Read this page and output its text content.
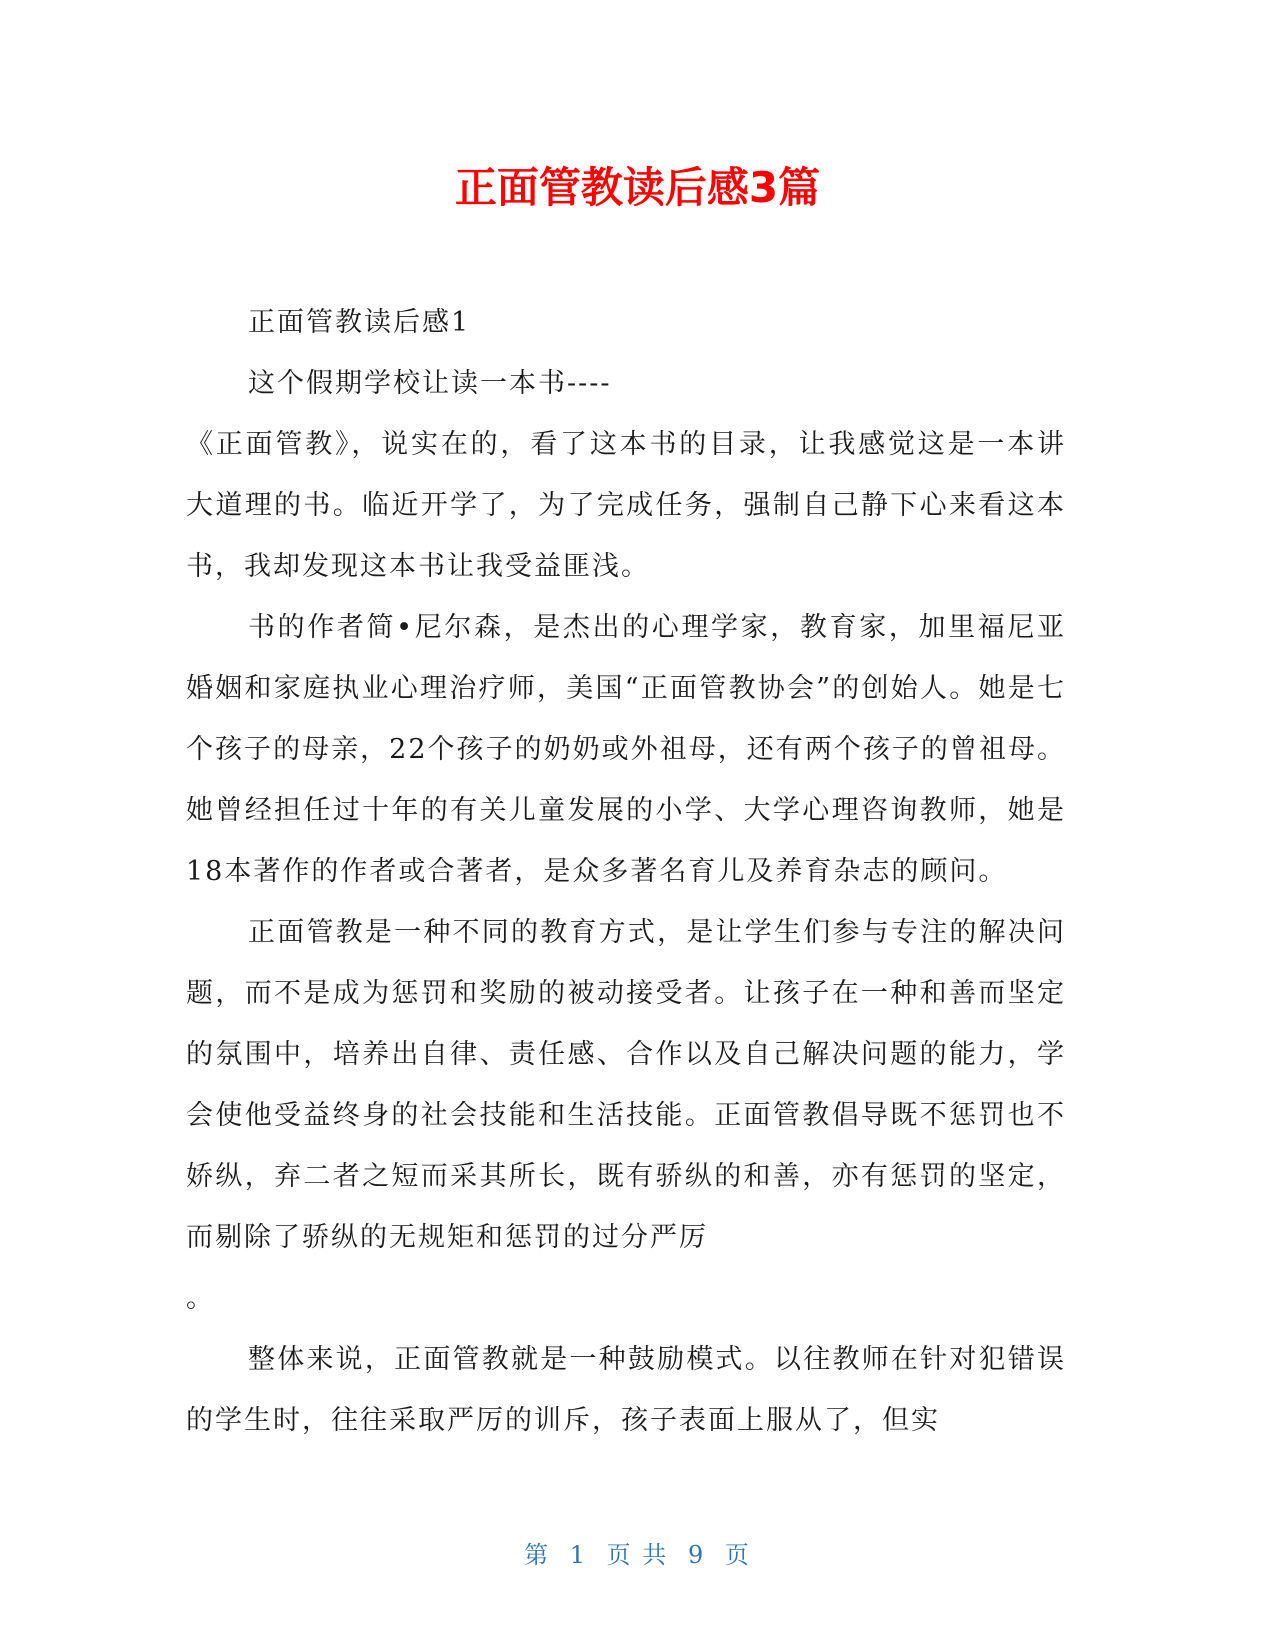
正面管教读后感3篇

正面管教读后感1

这个假期学校让读一本书----

《正面管教》，说实在的，看了这本书的目录，让我感觉这是一本讲大道理的书。临近开学了，为了完成任务，强制自己静下心来看这本书，我却发现这本书让我受益匪浅。

书的作者简•尼尔森，是杰出的心理学家，教育家，加里福尼亚婚姻和家庭执业心理治疗师，美国“正面管教协会”的创始人。她是七个孩子的母亲，22个孩子的奶奶或外祖母，还有两个孩子的曾祖母。她曾经担任过十年的有关儿童发展的小学、大学心理咨询教师，她是18本著作的作者或合著者，是众多著名育儿及养育杂志的顾问。

正面管教是一种不同的教育方式，是让学生们参与专注的解决问题，而不是成为惩罚和奖励的被动接受者。让孩子在一种和善而坚定的氛围中，培养出自律、责任感、合作以及自己解决问题的能力，学会使他受益终身的社会技能和生活技能。正面管教倡导既不惩罚也不娇纵，弃二者之短而采其所长，既有骄纵的和善，亦有惩罚的坚定，而剔除了骄纵的无规矩和惩罚的过分严厉

。

整体来说，正面管教就是一种鼓励模式。以往教师在针对犯错误的学生时，往往采取严厉的训斥，孩子表面上服从了，但实

第 1 页 共 9 页
